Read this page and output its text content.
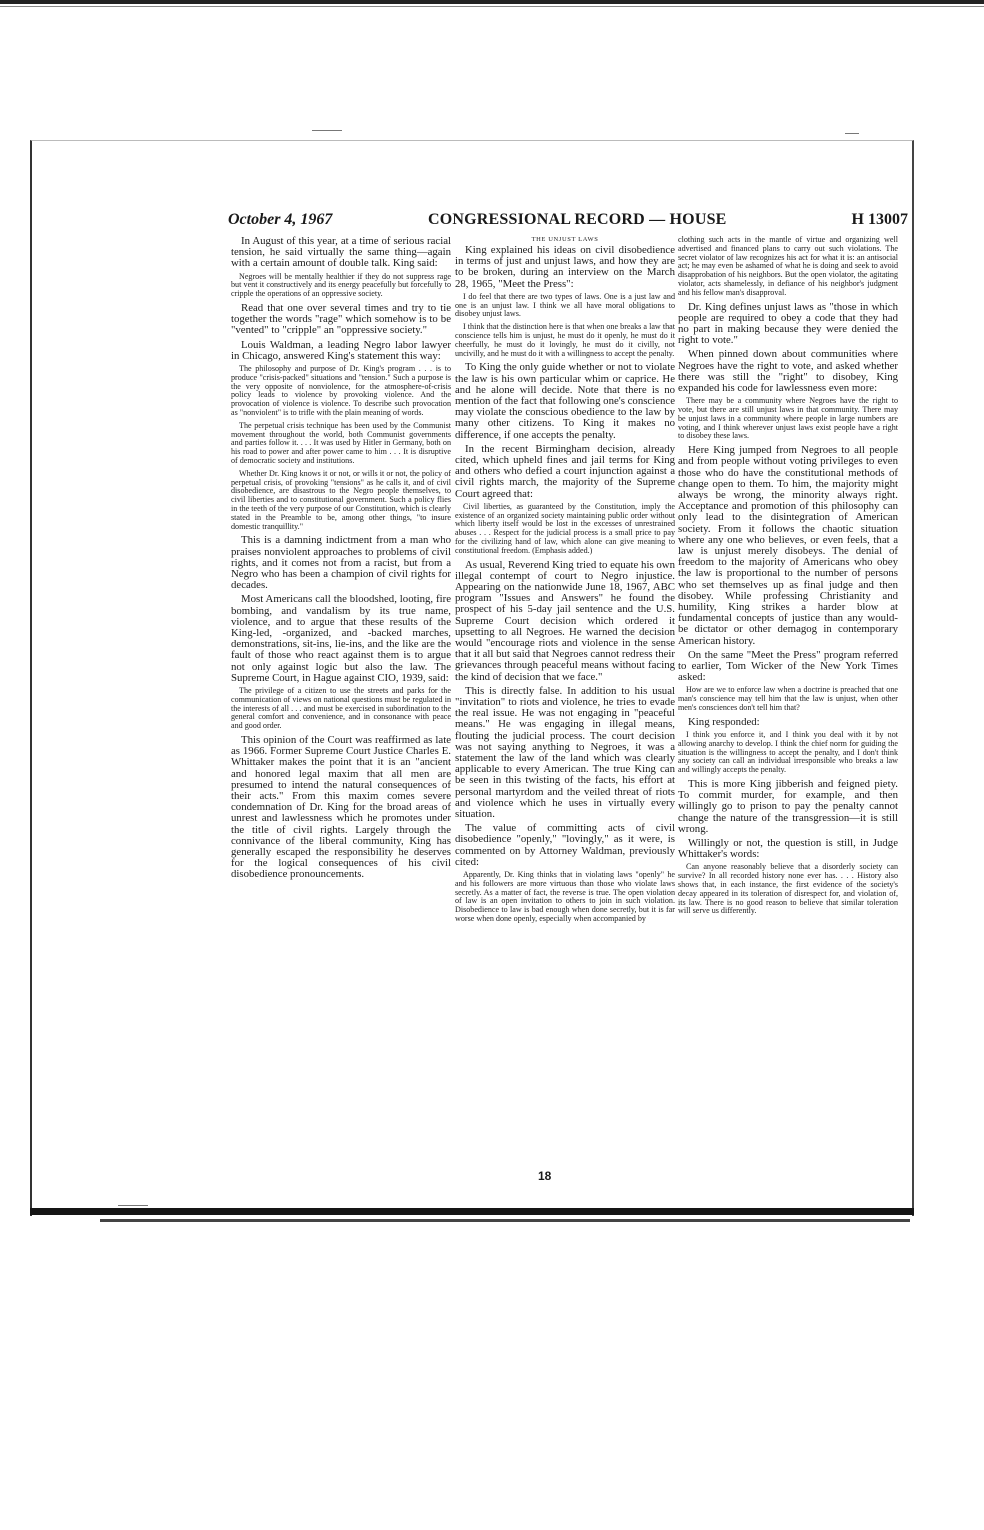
October 4, 1967	CONGRESSIONAL RECORD — HOUSE	H 13007

In August of this year, at a time of serious racial tension, he said virtually the same thing—again with a certain amount of double talk. King said:

Negroes will be mentally healthier if they do not suppress rage but vent it constructively and its energy peacefully but forcefully to cripple the operations of an oppressive society.

Read that one over several times and try to tie together the words "rage" which somehow is to be "vented" to "cripple" an "oppressive society."

Louis Waldman, a leading Negro labor lawyer in Chicago, answered King's statement this way:

The philosophy and purpose of Dr. King's program . . . is to produce "crisis-packed" situations and "tension." Such a purpose is the very opposite of nonviolence, for the atmosphere-of-crisis policy leads to violence by provoking violence. And the provocation of violence is violence. To describe such provocation as "nonviolent" is to trifle with the plain meaning of words.

The perpetual crisis technique has been used by the Communist movement throughout the world, both Communist governments and parties follow it. . . . It was used by Hitler in Germany, both on his road to power and after power came to him . . . It is disruptive of democratic society and institutions.

Whether Dr. King knows it or not, or wills it or not, the policy of perpetual crisis, of provoking "tensions" as he calls it, and of civil disobedience, are disastrous to the Negro people themselves, to civil liberties and to constitutional government. Such a policy flies in the teeth of the very purpose of our Constitution, which is clearly stated in the Preamble to be, among other things, "to insure domestic tranquillity."

This is a damning indictment from a man who praises nonviolent approaches to problems of civil rights, and it comes not from a racist, but from a Negro who has been a champion of civil rights for decades.

Most Americans call the bloodshed, looting, fire bombing, and vandalism by its true name, violence, and to argue that these results of the King-led, -organized, and -backed marches, demonstrations, sit-ins, lie-ins, and the like are the fault of those who react against them is to argue not only against logic but also the law. The Supreme Court, in Hague against CIO, 1939, said:

The privilege of a citizen to use the streets and parks for the communication of views on national questions must be regulated in the interests of all . . . and must be exercised in subordination to the general comfort and convenience, and in consonance with peace and good order.

This opinion of the Court was reaffirmed as late as 1966. Former Supreme Court Justice Charles E. Whittaker makes the point that it is an "ancient and honored legal maxim that all men are presumed to intend the natural consequences of their acts." From this maxim comes severe condemnation of Dr. King for the broad areas of unrest and lawlessness which he promotes under the title of civil rights. Largely through the connivance of the liberal community, King has generally escaped the responsibility he deserves for the logical consequences of his civil disobedience pronouncements.

THE UNJUST LAWS

King explained his ideas on civil disobedience in terms of just and unjust laws, and how they are to be broken, during an interview on the March 28, 1965, "Meet the Press":

I do feel that there are two types of laws. One is a just law and one is an unjust law. I think we all have moral obligations to disobey unjust laws.

I think that the distinction here is that when one breaks a law that conscience tells him is unjust, he must do it openly, he must do it cheerfully, he must do it lovingly, he must do it civilly, not uncivilly, and he must do it with a willingness to accept the penalty.

To King the only guide whether or not to violate the law is his own particular whim or caprice. He and he alone will decide. Note that there is no mention of the fact that following one's conscience may violate the conscious obedience to the law by many other citizens. To King it makes no difference, if one accepts the penalty.

In the recent Birmingham decision, already cited, which upheld fines and jail terms for King and others who defied a court injunction against a civil rights march, the majority of the Supreme Court agreed that:

Civil liberties, as guaranteed by the Constitution, imply the existence of an organized society maintaining public order without which liberty itself would be lost in the excesses of unrestrained abuses . . . Respect for the judicial process is a small price to pay for the civilizing hand of law, which alone can give meaning to constitutional freedom. (Emphasis added.)

As usual, Reverend King tried to equate his own illegal contempt of court to Negro injustice. Appearing on the nationwide June 18, 1967, ABC program "Issues and Answers" he found the prospect of his 5-day jail sentence and the U.S. Supreme Court decision which ordered it upsetting to all Negroes. He warned the decision would "encourage riots and violence in the sense that it all but said that Negroes cannot redress their grievances through peaceful means without facing the kind of decision that we face."

This is directly false. In addition to his usual "invitation" to riots and violence, he tries to evade the real issue. He was not engaging in "peaceful means." He was engaging in illegal means, flouting the judicial process. The court decision was not saying anything to Negroes, it was a statement the law of the land which was clearly applicable to every American. The true King can be seen in this twisting of the facts, his effort at personal martyrdom and the veiled threat of riots and violence which he uses in virtually every situation.

The value of committing acts of civil disobedience "openly," "lovingly," as it were, is commented on by Attorney Waldman, previously cited:

Apparently, Dr. King thinks that in violating laws "openly" he and his followers are more virtuous than those who violate laws secretly. As a matter of fact, the reverse is true. The open violation of law is an open invitation to others to join in such violation. Disobedience to law is bad enough when done secretly, but it is far worse when done openly, especially when accompanied by

clothing such acts in the mantle of virtue and organizing well advertised and financed plans to carry out such violations. The secret violator of law recognizes his act for what it is: an antisocial act; he may even be ashamed of what he is doing and seek to avoid disapprobation of his neighbors. But the open violator, the agitating violator, acts shamelessly, in defiance of his neighbor's judgment and his fellow man's disapproval.

Dr. King defines unjust laws as "those in which people are required to obey a code that they had no part in making because they were denied the right to vote."

When pinned down about communities where Negroes have the right to vote, and asked whether there was still the "right" to disobey, King expanded his code for lawlessness even more:

There may be a community where Negroes have the right to vote, but there are still unjust laws in that community. There may be unjust laws in a community where people in large numbers are voting, and I think wherever unjust laws exist people have a right to disobey these laws.

Here King jumped from Negroes to all people and from people without voting privileges to even those who do have the constitutional methods of change open to them. To him, the majority might always be wrong, the minority always right. Acceptance and promotion of this philosophy can only lead to the disintegration of American society. From it follows the chaotic situation where any one who believes, or even feels, that a law is unjust merely disobeys. The denial of freedom to the majority of Americans who obey the law is proportional to the number of persons who set themselves up as final judge and then disobey. While professing Christianity and humility, King strikes a harder blow at fundamental concepts of justice than any would-be dictator or other demagog in contemporary American history.

On the same "Meet the Press" program referred to earlier, Tom Wicker of the New York Times asked:

How are we to enforce law when a doctrine is preached that one man's conscience may tell him that the law is unjust, when other men's consciences don't tell him that?

King responded:

I think you enforce it, and I think you deal with it by not allowing anarchy to develop. I think the chief norm for guiding the situation is the willingness to accept the penalty, and I don't think any society can call an individual irresponsible who breaks a law and willingly accepts the penalty.

This is more King jibberish and feigned piety. To commit murder, for example, and then willingly go to prison to pay the penalty cannot change the nature of the transgression—it is still wrong.

Willingly or not, the question is still, in Judge Whittaker's words:

Can anyone reasonably believe that a disorderly society can survive? In all recorded history none ever has. . . . History also shows that, in each instance, the first evidence of the society's decay appeared in its toleration of disrespect for, and violation of, its law. There is no good reason to believe that similar toleration will serve us differently.

18
